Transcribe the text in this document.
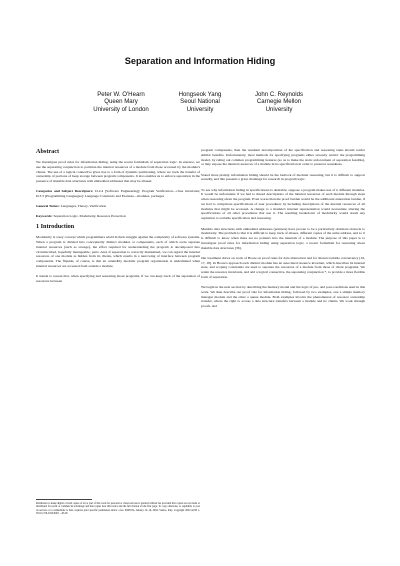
Separation and Information Hiding
Peter W. O'Hearn
Queen Mary
University of London
Hongseok Yang
Seoul National
University
John C. Reynolds
Carnegie Mellon
University
Abstract

We investigate proof rules for information hiding, using the recent formalism of separation logic. In essence, we use the separating conjunction to partition the internal resources of a module from those accessed by the module's clients. The use of a logical connective gives rise to a form of dynamic partitioning, where we track the transfer of ownership of portions of heap storage between program components. It also enables us to enforce separation in the presence of mutable data structures with embedded addresses that may be aliased.

Categories and Subject Descriptors: D.2.4 [Software Engineering]: Program Verification—class invariants; D.3.3 [Programming Languages]: Language Constructs and Features—modules, packages

General Terms: Languages, Theory, Verification

Keywords: Separation Logic, Modularity, Resource Protection

1 Introduction

Modularity is a key concept which programmers wield in their struggle against the complexity of software systems. When a program is divided into conceptually distinct modules or components, each of which owns separate internal resources (such as storage), the effort required for understanding the program is decomposed into circumscribed, hopefully manageable, parts. And, if separation is correctly maintained, we can regard the internal resources of one module as hidden from its clients, which results in a narrowing of interface between program components. The flipside, of course, is that an ostensibly modular program organization is undermined when internal resources are accessed from outside a module.

It stands to reason that, when specifying and reasoning about programs, if we can keep track of the separation of resources between

Permission to make digital or hard copies of all or part of this work for personal or classroom use is granted without fee provided that copies are not made or distributed for profit or commercial advantage and that copies bear this notice and the full citation on the first page. To copy otherwise, to republish, to post on servers or to redistribute to lists, requires prior specific permission and/or a fee. POPL'04, January 14–16, 2004, Venice, Italy. Copyright 2004 ACM 1-58113-729-X/04/0001 ...$5.00

program components, then the resultant decomposition of the specification and reasoning tasks should confer similar benefits. Unfortunately, most methods for specifying programs either severely restrict the programming model, by ruling out common programming features (so as to make the static enforcement of separation feasible), or they expose the internal resources of a module in its specification in order to preserve soundness.

Stated more plainly, information hiding should be the bedrock of modular reasoning, but it is difficult to support soundly, and this presents a great challenge for research in program logic.

To see why information hiding in specifications is desirable, suppose a program makes use of n different modules. It would be unfortunate if we had to thread descriptions of the internal resources of each module through steps when reasoning about the program. Even worse than the proof burden would be the additional annotation burden, if we had to complicate specifications of user procedures by including descriptions of the internal resources of all modules that might be accessed. A change to a module's internal representation would necessitate altering the specifications of all other procedures that use it. The resulting breakdown of modularity would doom any aspiration to scalable specification and reasoning.

Mutable data structures with embedded addresses (pointers) have proven to be a particularly obstinate obstacle to modularity. The problem is that it is difficult to keep track of aliases, different copies of the same address, and so it is difficult to know when there are no pointers into the internals of a module. The purpose of this paper is to investigate proof rules for information hiding using separation logic, a recent formalism for reasoning about mutable data structures [36].

Our treatment draws on work of Hoare on proof rules for data abstraction and for shared-variable concurrency [16, 17, 18]. In Hoare's approach each distinct module has an associated resource invariant, which describes its internal state, and scoping constraints are used to separate the resources of a module from those of client programs. We retain the resource invariants, and add a logical connective, the separating conjunction *, to provide a more flexible form of separation.

We begin in the next section by describing the memory model and the logic of pre- and post-conditions used in this work. We then describe our proof rule for information hiding, followed by two examples, one a simple memory manager module and the other a queue module. Both examples involve the phenomenon of resource ownership transfer, where the right to access a data structure transfers between a module and its clients. We work through proofs, and
